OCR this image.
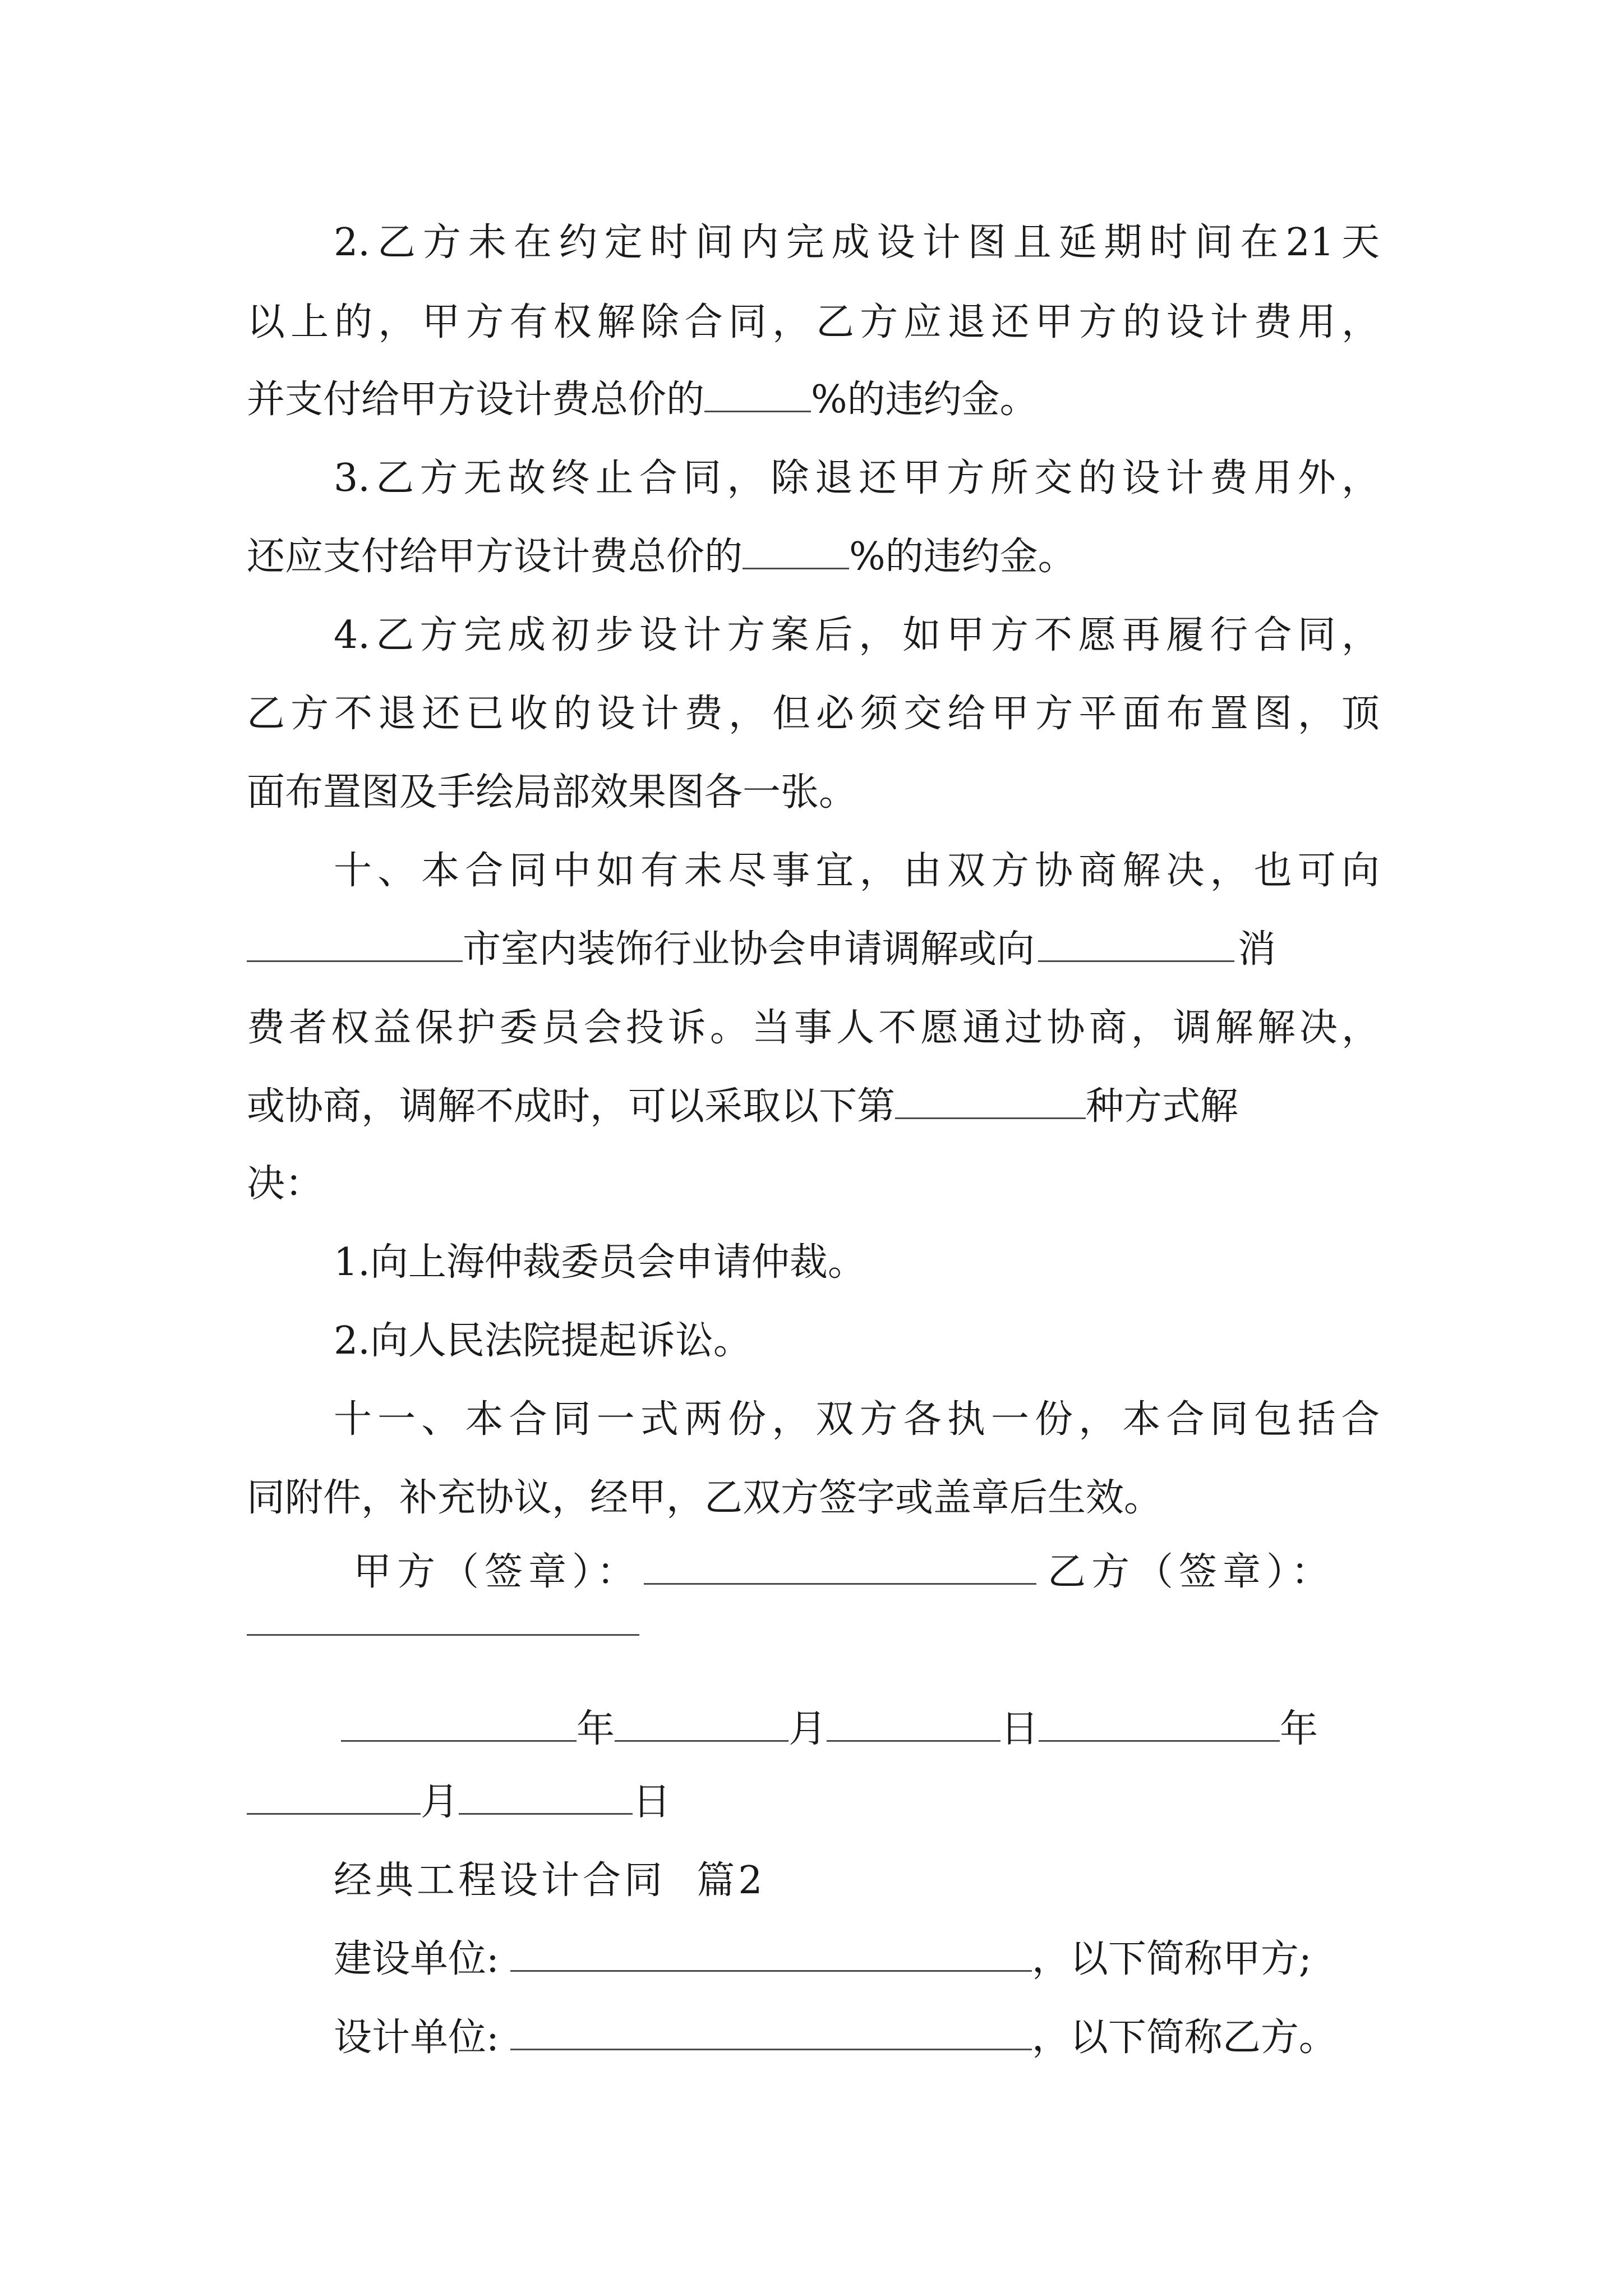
2.乙方未在约定时间内完成设计图且延期时间在21天
以上的，甲方有权解除合同，乙方应退还甲方的设计费用，
并支付给甲方设计费总价的	%的违约金。
3.乙方无故终止合同，除退还甲方所交的设计费用外，
还应支付给甲方设计费总价的	%的违约金。
4.乙方完成初步设计方案后，如甲方不愿再履行合同，
乙方不退还已收的设计费，但必须交给甲方平面布置图，顶
面布置图及手绘局部效果图各一张。
十、本合同中如有未尽事宜，由双方协商解决，也可向
市室内装饰行业协会申请调解或向	消
费者权益保护委员会投诉。当事人不愿通过协商，调解解决，
或协商，调解不成时，可以采取以下第	种方式解
决：
1.向上海仲裁委员会申请仲裁。
2.向人民法院提起诉讼。
十一、本合同一式两份，双方各执一份，本合同包括合
同附件，补充协议，经甲，乙双方签字或盖章后生效。
甲方（签章）：	乙方（签章）：
年	月	日	年
月	日
经典工程设计合同  篇2
建设单位:	，以下简称甲方;
设计单位:	，以下简称乙方。
